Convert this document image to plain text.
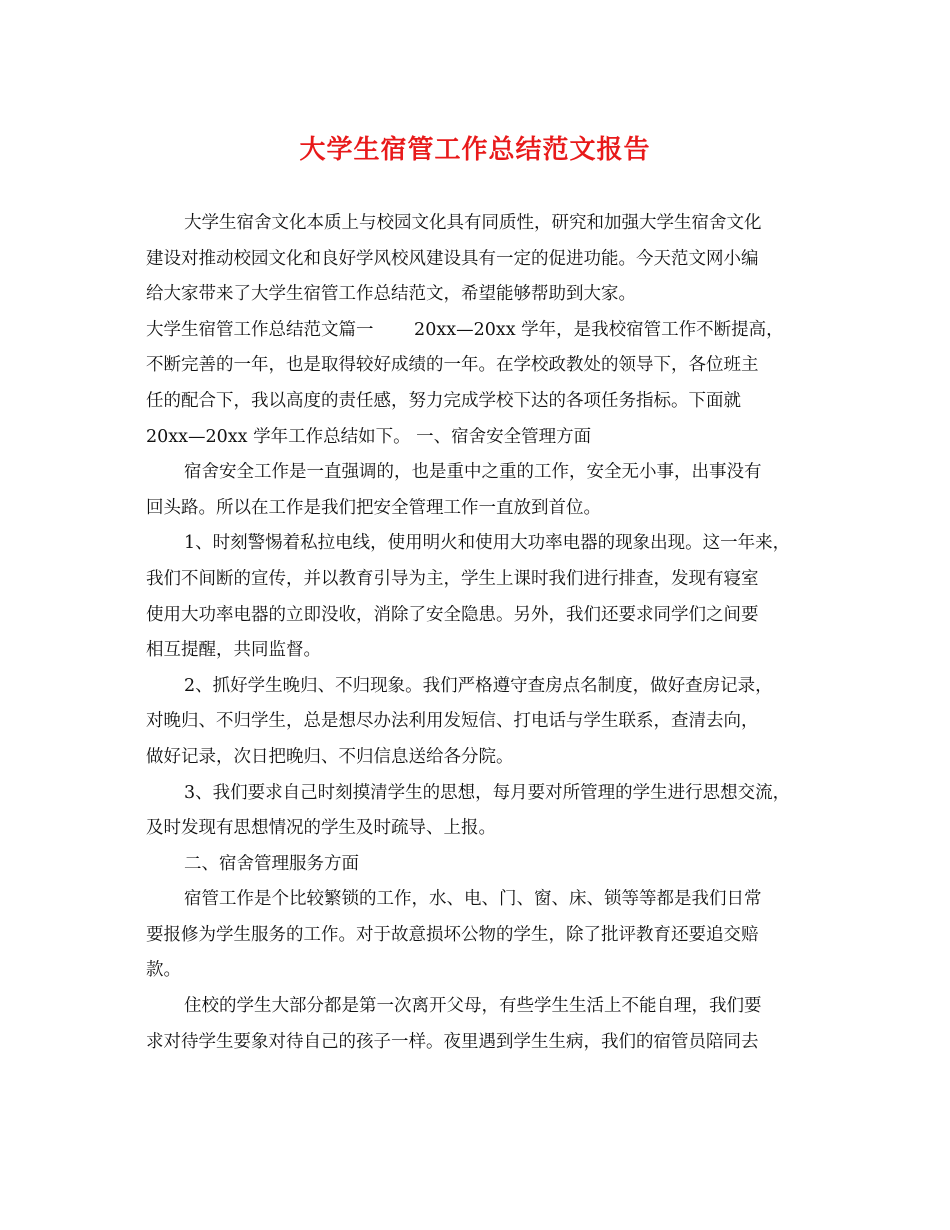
大学生宿管工作总结范文报告
大学生宿舍文化本质上与校园文化具有同质性，研究和加强大学生宿舍文化
建设对推动校园文化和良好学风校风建设具有一定的促进功能。今天范文网小编
给大家带来了大学生宿管工作总结范文，希望能够帮助到大家。
大学生宿管工作总结范文篇一　　 20xx—20xx 学年，是我校宿管工作不断提高，
不断完善的一年，也是取得较好成绩的一年。在学校政教处的领导下，各位班主
任的配合下，我以高度的责任感，努力完成学校下达的各项任务指标。下面就
20xx—20xx 学年工作总结如下。 一、宿舍安全管理方面
宿舍安全工作是一直强调的，也是重中之重的工作，安全无小事，出事没有
回头路。所以在工作是我们把安全管理工作一直放到首位。
1、时刻警惕着私拉电线，使用明火和使用大功率电器的现象出现。这一年来，
我们不间断的宣传，并以教育引导为主，学生上课时我们进行排查，发现有寝室
使用大功率电器的立即没收，消除了安全隐患。另外，我们还要求同学们之间要
相互提醒，共同监督。
2、抓好学生晚归、不归现象。我们严格遵守查房点名制度，做好查房记录，
对晚归、不归学生，总是想尽办法利用发短信、打电话与学生联系，查清去向，
做好记录，次日把晚归、不归信息送给各分院。
3、我们要求自己时刻摸清学生的思想，每月要对所管理的学生进行思想交流，
及时发现有思想情况的学生及时疏导、上报。
二、宿舍管理服务方面
宿管工作是个比较繁锁的工作，水、电、门、窗、床、锁等等都是我们日常
要报修为学生服务的工作。对于故意损坏公物的学生，除了批评教育还要追交赔
款。
住校的学生大部分都是第一次离开父母，有些学生生活上不能自理，我们要
求对待学生要象对待自己的孩子一样。夜里遇到学生生病，我们的宿管员陪同去
